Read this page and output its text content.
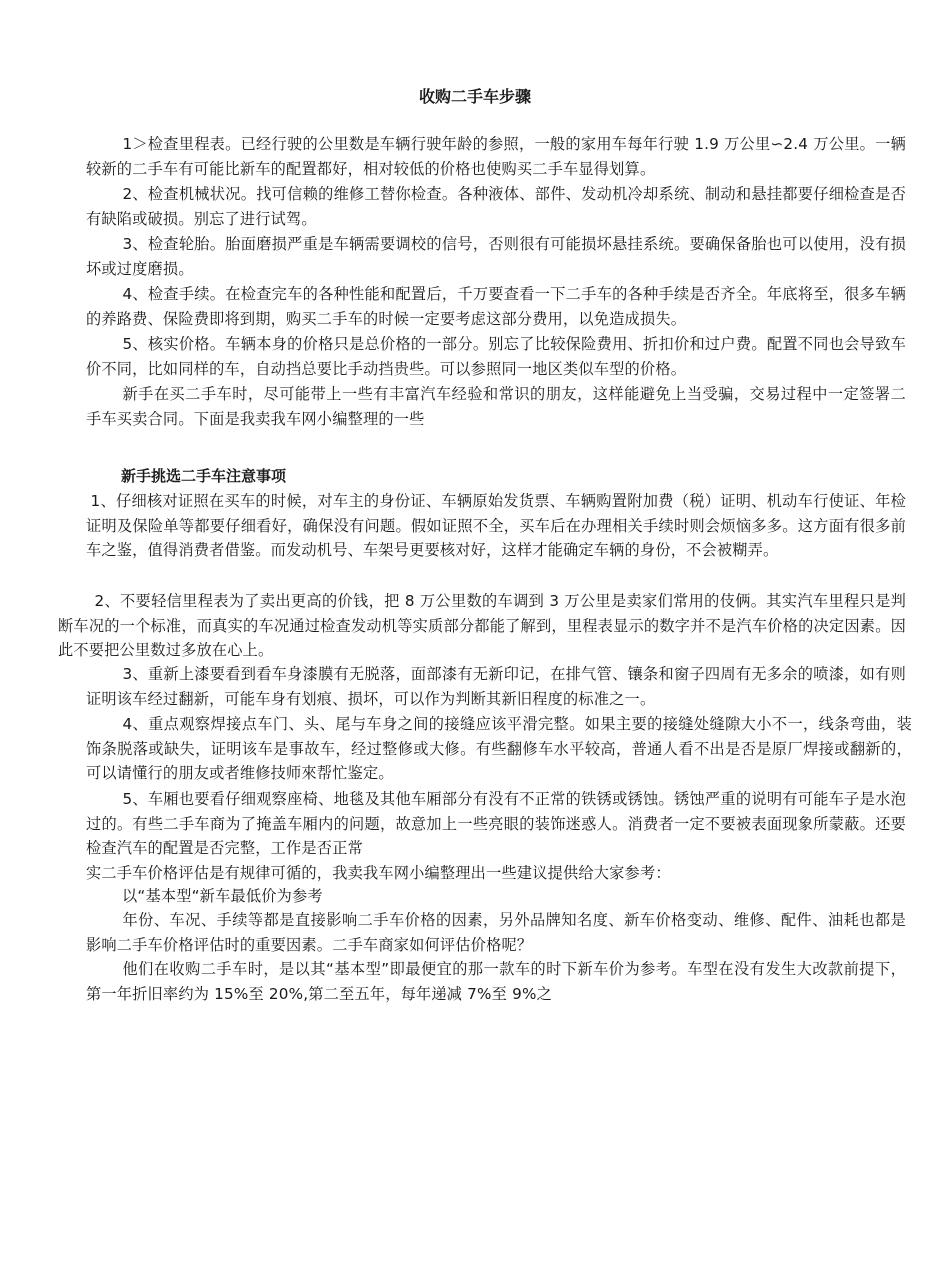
收购二手车步骤

1＞检查里程表。已经行驶的公里数是车辆行驶年龄的参照，一般的家用车每年行驶 1.9 万公里∽2.4 万公里。一辆较新的二手车有可能比新车的配置都好，相对较低的价格也使购买二手车显得划算。

2、检查机械状况。找可信赖的维修工替你检查。各种液体、部件、发动机冷却系统、制动和悬挂都要仔细检查是否有缺陷或破损。别忘了进行试驾。

3、检查轮胎。胎面磨损严重是车辆需要调校的信号，否则很有可能损坏悬挂系统。要确保备胎也可以使用，没有损坏或过度磨损。

4、检查手续。在检查完车的各种性能和配置后，千万要查看一下二手车的各种手续是否齐全。年底将至，很多车辆的养路费、保险费即将到期，购买二手车的时候一定要考虑这部分费用，以免造成损失。

5、核实价格。车辆本身的价格只是总价格的一部分。别忘了比较保险费用、折扣价和过户费。配置不同也会导致车价不同，比如同样的车，自动挡总要比手动挡贵些。可以参照同一地区类似车型的价格。

新手在买二手车时，尽可能带上一些有丰富汽车经验和常识的朋友，这样能避免上当受骗，交易过程中一定签署二手车买卖合同。下面是我卖我车网小编整理的一些

新手挑选二手车注意事项

1、仔细核对证照在买车的时候，对车主的身份证、车辆原始发货票、车辆购置附加费（税）证明、机动车行使证、年检证明及保险单等都要仔细看好，确保没有问题。假如证照不全，买车后在办理相关手续时则会烦恼多多。这方面有很多前车之鉴，值得消费者借鉴。而发动机号、车架号更要核对好，这样才能确定车辆的身份，不会被糊弄。

2、不要轻信里程表为了卖出更高的价钱，把 8 万公里数的车调到 3 万公里是卖家们常用的伎俩。其实汽车里程只是判断车况的一个标准，而真实的车况通过检查发动机等实质部分都能了解到，里程表显示的数字并不是汽车价格的决定因素。因此不要把公里数过多放在心上。

3、重新上漆要看到看车身漆膜有无脱落，面部漆有无新印记，在排气管、镶条和窗子四周有无多余的喷漆，如有则证明该车经过翻新，可能车身有划痕、损坏，可以作为判断其新旧程度的标准之一。

4、重点观察焊接点车门、头、尾与车身之间的接缝应该平滑完整。如果主要的接缝处缝隙大小不一，线条弯曲，装饰条脱落或缺失，证明该车是事故车，经过整修或大修。有些翻修车水平较高，普通人看不出是否是原厂焊接或翻新的，可以请懂行的朋友或者维修技师來帮忙鉴定。

5、车厢也要看仔细观察座椅、地毯及其他车厢部分有没有不正常的铁锈或锈蚀。锈蚀严重的说明有可能车子是水泡过的。有些二手车商为了掩盖车厢内的问题，故意加上一些亮眼的装饰迷惑人。消费者一定不要被表面现象所蒙蔽。还要检查汽车的配置是否完整，工作是否正常

实二手车价格评估是有规律可循的，我卖我车网小编整理出一些建议提供给大家参考：

以“基本型“新车最低价为参考

年份、车况、手续等都是直接影响二手车价格的因素，另外品牌知名度、新车价格变动、维修、配件、油耗也都是影响二手车价格评估时的重要因素。二手车商家如何评估价格呢？

他们在收购二手车时，是以其“基本型”即最便宜的那一款车的时下新车价为参考。车型在没有发生大改款前提下，第一年折旧率约为 15%至 20%,第二至五年，每年递减 7%至 9%之
